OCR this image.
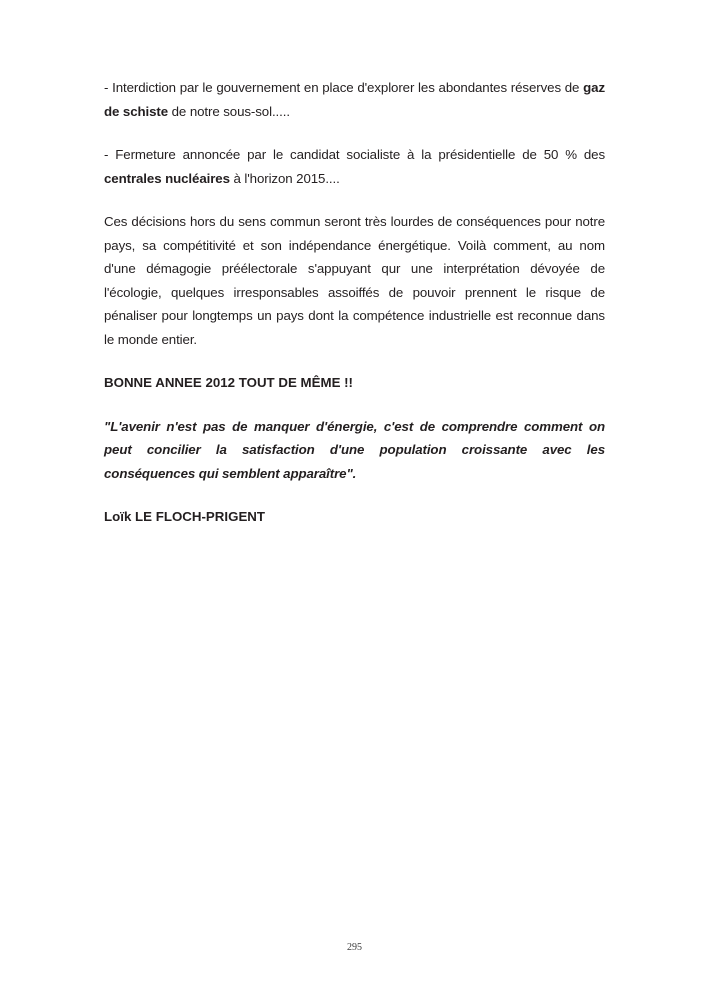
- Interdiction par le gouvernement en place d'explorer les abondantes réserves de gaz de schiste de notre sous-sol.....

- Fermeture annoncée par le candidat socialiste à la présidentielle de 50 % des centrales nucléaires à l'horizon 2015....

Ces décisions hors du sens commun seront très lourdes de conséquences pour notre pays, sa compétitivité et son indépendance énergétique. Voilà comment, au nom d'une démagogie préélectorale s'appuyant qur une interprétation dévoyée de l'écologie, quelques irresponsables assoiffés de pouvoir prennent le risque de pénaliser pour longtemps un pays dont la compétence industrielle est reconnue dans le monde entier.

BONNE ANNEE 2012 TOUT DE MÊME !!

"L'avenir n'est pas de manquer d'énergie, c'est de comprendre comment on peut concilier la satisfaction d'une population croissante avec les conséquences qui semblent apparaître".

Loïk LE FLOCH-PRIGENT

295
